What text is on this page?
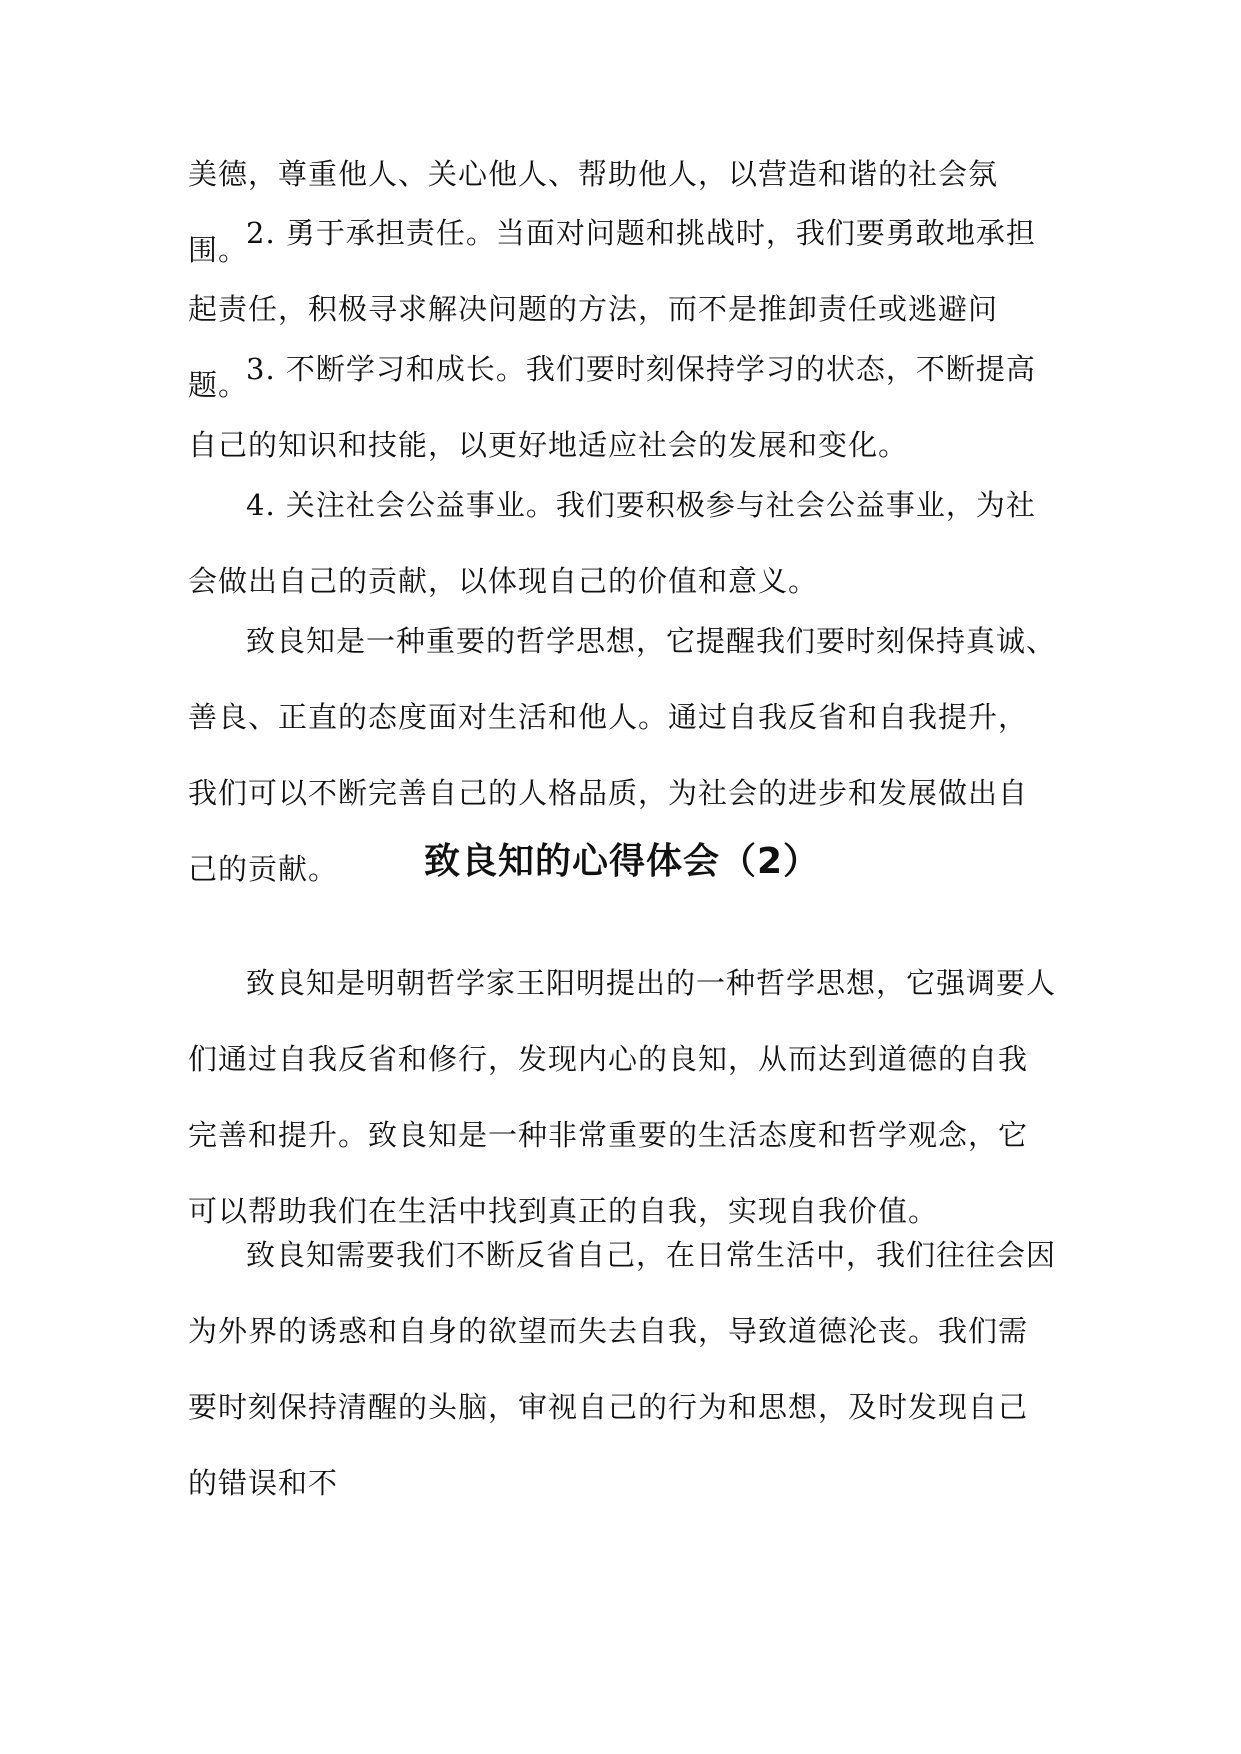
美德，尊重他人、关心他人、帮助他人，以营造和谐的社会氛围。

2. 勇于承担责任。当面对问题和挑战时，我们要勇敢地承担起责任，积极寻求解决问题的方法，而不是推卸责任或逃避问题。

3. 不断学习和成长。我们要时刻保持学习的状态，不断提高自己的知识和技能，以更好地适应社会的发展和变化。

4. 关注社会公益事业。我们要积极参与社会公益事业，为社会做出自己的贡献，以体现自己的价值和意义。

致良知是一种重要的哲学思想，它提醒我们要时刻保持真诚、善良、正直的态度面对生活和他人。通过自我反省和自我提升，我们可以不断完善自己的人格品质，为社会的进步和发展做出自己的贡献。	致良知的心得体会（2）

致良知是明朝哲学家王阳明提出的一种哲学思想，它强调要人们通过自我反省和修行，发现内心的良知，从而达到道德的自我完善和提升。致良知是一种非常重要的生活态度和哲学观念，它可以帮助我们在生活中找到真正的自我，实现自我价值。

致良知需要我们不断反省自己，在日常生活中，我们往往会因为外界的诱惑和自身的欲望而失去自我，导致道德沦丧。我们需要时刻保持清醒的头脑，审视自己的行为和思想，及时发现自己的错误和不
